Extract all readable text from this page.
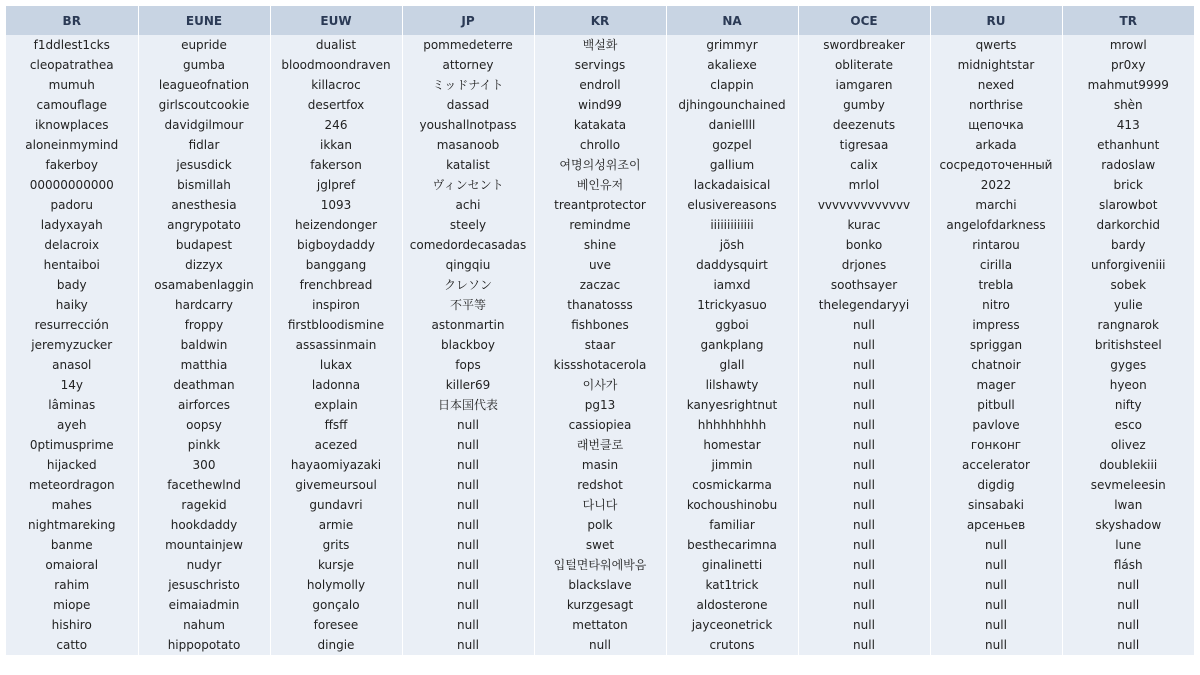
BR	EUNE	EUW	JP	KR	NA	OCE	RU	TR
f1ddlest1cks	eupride	dualist	pommedeterre	백설화	grimmyr	swordbreaker	qwerts	mrowl
cleopatrathea	gumba	bloodmoondraven	attorney	servings	akaliexe	obliterate	midnightstar	pr0xy
mumuh	leagueofnation	killacroc	ミッドナイト	endroll	clappin	iamgaren	nexed	mahmut9999
camouflage	girlscoutcookie	desertfox	dassad	wind99	djhingounchained	gumby	northrise	shèn
iknowplaces	davidgilmour	246	youshallnotpass	katakata	daniellll	deezenuts	щепочка	413
aloneinmymind	fidlar	ikkan	masanoob	chrollo	gozpel	tigresaa	arkada	ethanhunt
fakerboy	jesusdick	fakerson	katalist	여명의성위조이	gallium	calix	сосредоточенный	radoslaw
00000000000	bismillah	jglpref	ヴィンセント	베인유저	lackadaisical	mrlol	2022	brick
padoru	anesthesia	1093	achi	treantprotector	elusivereasons	vvvvvvvvvvvvv	marchi	slarowbot
ladyxayah	angrypotato	heizendonger	steely	remindme	iiiiiiiiiiiii	kurac	angelofdarkness	darkorchid
delacroix	budapest	bigboydaddy	comedordecasadas	shine	jõsh	bonko	rintarou	bardy
hentaiboi	dizzyx	banggang	qingqiu	uve	daddysquirt	drjones	cirilla	unforgiveniii
bady	osamabenlaggin	frenchbread	クレソン	zaczac	iamxd	soothsayer	trebla	sobek
haiky	hardcarry	inspiron	不平等	thanatosss	1trickyasuo	thelegendaryyi	nitro	yulie
resurrección	froppy	firstbloodismine	astonmartin	fishbones	ggboi	null	impress	rangnarok
jeremyzucker	baldwin	assassinmain	blackboy	staar	gankplang	null	spriggan	britishsteel
anasol	matthia	lukax	fops	kissshotacerola	glall	null	chatnoir	gyges
14y	deathman	ladonna	killer69	이사가	lilshawty	null	mager	hyeon
lâminas	airforces	explain	日本国代表	pg13	kanyesrightnut	null	pitbull	nifty
ayeh	oopsy	ffsff	null	cassiopiea	hhhhhhhhh	null	pavlove	esco
0ptimusprime	pinkk	acezed	null	래번클로	homestar	null	гонконг	olivez
hijacked	300	hayaomiyazaki	null	masin	jimmin	null	accelerator	doublekiii
meteordragon	facethewlnd	givemeursoul	null	redshot	cosmickarma	null	digdig	sevmeleesin
mahes	ragekid	gundavri	null	다니다	kochoushinobu	null	sinsabaki	lwan
nightmareking	hookdaddy	armie	null	polk	familiar	null	арсеньев	skyshadow
banme	mountainjew	grits	null	swet	besthecarimna	null	null	lune
omaioral	nudyr	kursje	null	입털면타워에박음	ginalinetti	null	null	flásh
rahim	jesuschristo	holymolly	null	blackslave	kat1trick	null	null	null
miope	eimaiadmin	gonçalo	null	kurzgesagt	aldosterone	null	null	null
hishiro	nahum	foresee	null	mettaton	jayceonetrick	null	null	null
catto	hippopotato	dingie	null	null	crutons	null	null	null
